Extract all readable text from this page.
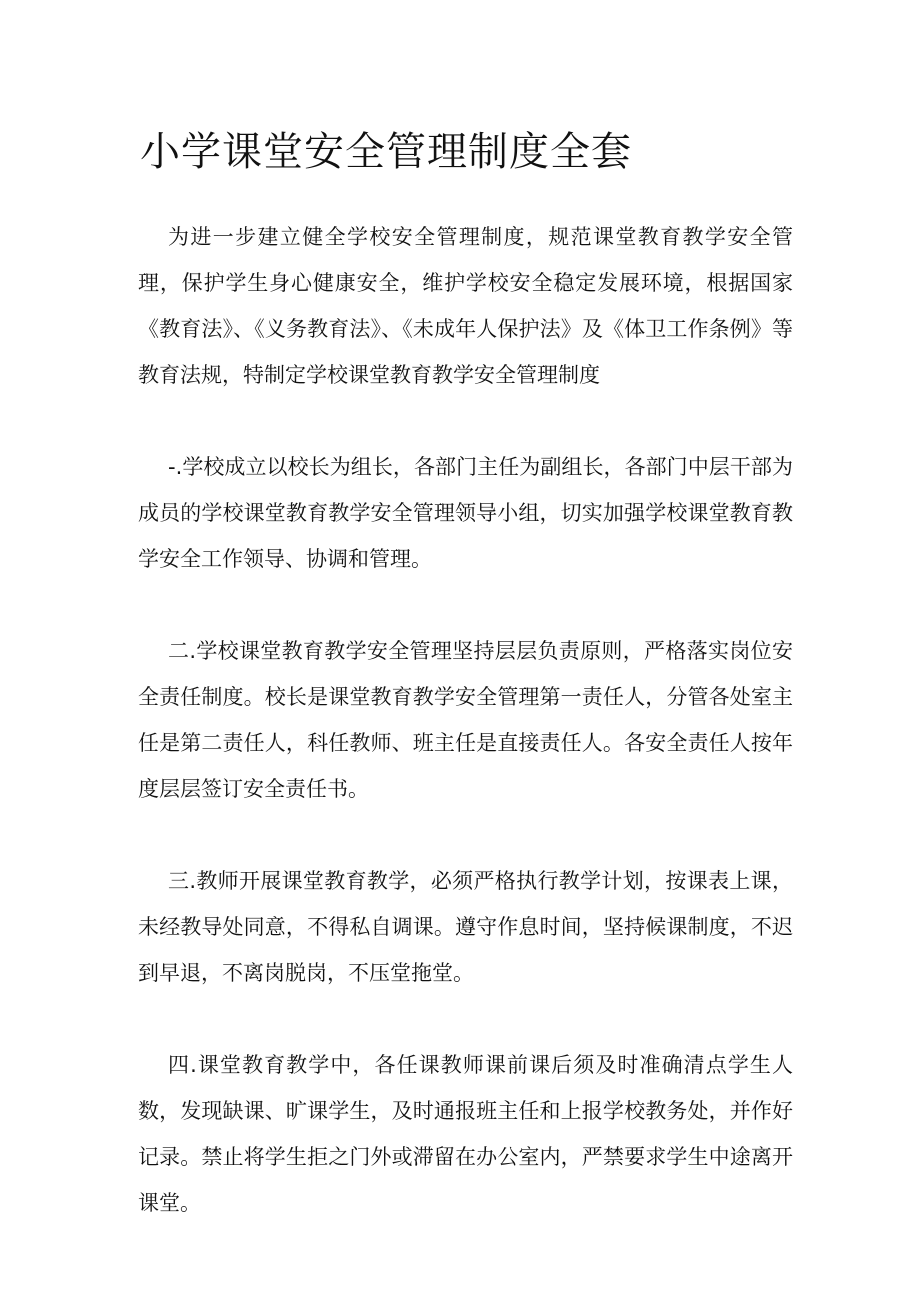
小学课堂安全管理制度全套

为进一步建立健全学校安全管理制度，规范课堂教育教学安全管理，保护学生身心健康安全，维护学校安全稳定发展环境，根据国家《教育法》、《义务教育法》、《未成年人保护法》及《体卫工作条例》等教育法规，特制定学校课堂教育教学安全管理制度

-.学校成立以校长为组长，各部门主任为副组长，各部门中层干部为成员的学校课堂教育教学安全管理领导小组，切实加强学校课堂教育教学安全工作领导、协调和管理。

二.学校课堂教育教学安全管理坚持层层负责原则，严格落实岗位安全责任制度。校长是课堂教育教学安全管理第一责任人，分管各处室主任是第二责任人，科任教师、班主任是直接责任人。各安全责任人按年度层层签订安全责任书。

三.教师开展课堂教育教学，必须严格执行教学计划，按课表上课，未经教导处同意，不得私自调课。遵守作息时间，坚持候课制度，不迟到早退，不离岗脱岗，不压堂拖堂。

四.课堂教育教学中，各任课教师课前课后须及时准确清点学生人数，发现缺课、旷课学生，及时通报班主任和上报学校教务处，并作好记录。禁止将学生拒之门外或滞留在办公室内，严禁要求学生中途离开课堂。
